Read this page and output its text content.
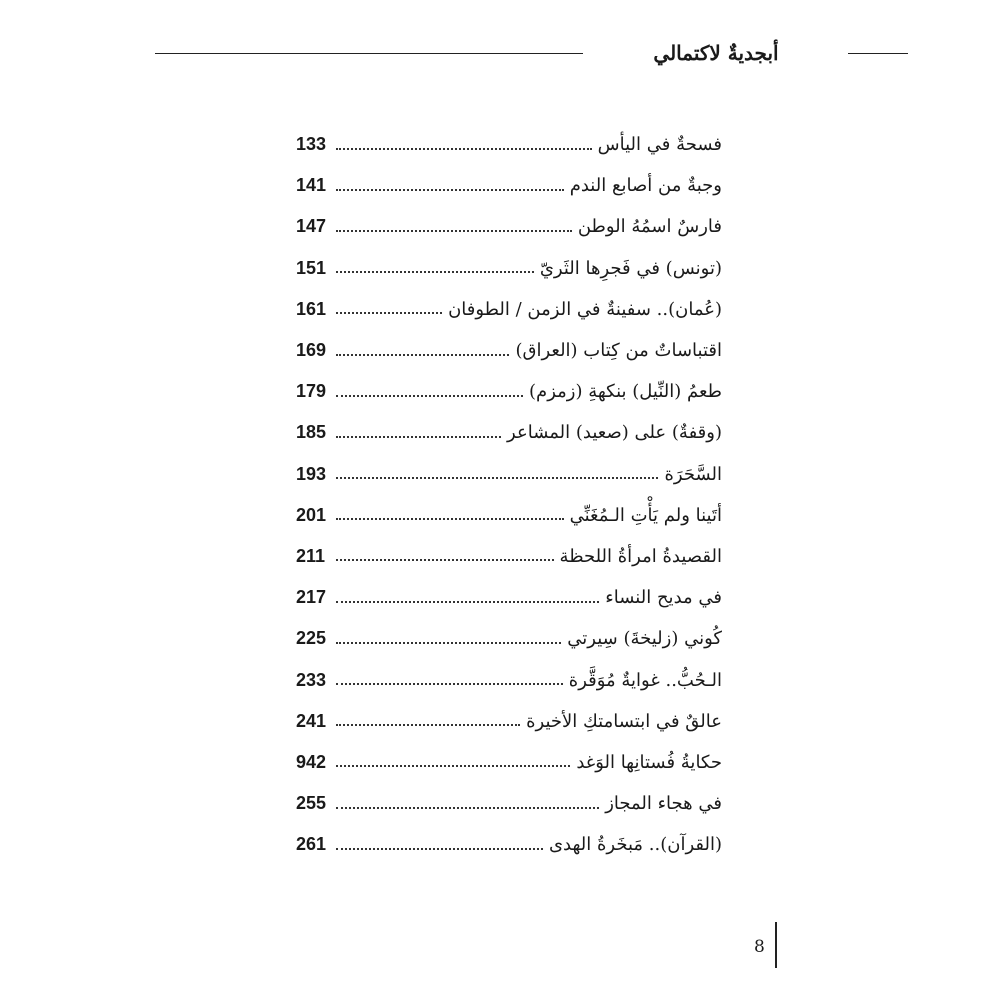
أبجديةٌ لاكتمالي
133	فسحةٌ في اليأس
141	وجبةٌ من أصابع الندم
147	فارسٌ اسمُهُ الوطن
151	(تونس) في فَجرِها الثَريّ
161	(عُمان).. سفينةٌ في الزمن / الطوفان
169	اقتباساتٌ من كِتاب (العراق)
179	طعمُ (النِّيل) بنكهةِ (زمزم)
185	(وقفةٌ) على (صعيد) المشاعر
193	السَّحَرَة
201	أتَينا ولم يَأْتِ الـمُغَنِّي
211	القصيدةُ امرأةُ اللحظة
217	في مديح النساء
225	كُوني (زليخةَ) سِيرتي
233	الـحُبُّ.. غوايةٌ مُوَقَّرة
241	عالقٌ في ابتسامتكِ الأخيرة
942	حكايةُ فُستانِها الوَغد
255	في هجاء المجاز
261	(القرآن).. مَبخَرةُ الهدى
8
